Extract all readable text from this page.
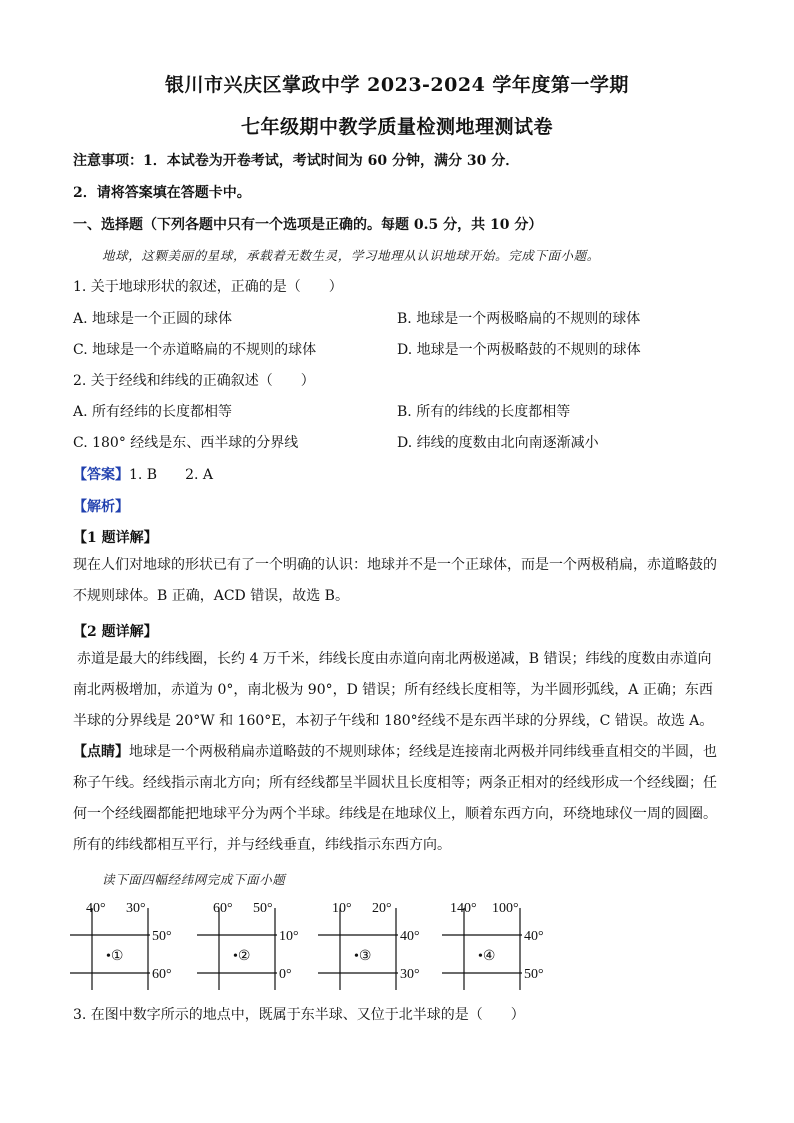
银川市兴庆区掌政中学 2023-2024 学年度第一学期
七年级期中教学质量检测地理测试卷
注意事项：1．本试卷为开卷考试，考试时间为 60 分钟，满分 30 分．
2．请将答案填在答题卡中。
一、选择题（下列各题中只有一个选项是正确的。每题 0.5 分，共 10 分）
地球，这颗美丽的星球，承载着无数生灵，学习地理从认识地球开始。完成下面小题。
1. 关于地球形状的叙述，正确的是（　　）
A. 地球是一个正圆的球体	B. 地球是一个两极略扁的不规则的球体
C. 地球是一个赤道略扁的不规则的球体	D. 地球是一个两极略鼓的不规则的球体
2. 关于经线和纬线的正确叙述（　　）
A. 所有经纬的长度都相等	B. 所有的纬线的长度都相等
C. 180° 经线是东、西半球的分界线	D. 纬线的度数由北向南逐渐减小
【答案】1. B　　2. A
【解析】
【1 题详解】
现在人们对地球的形状已有了一个明确的认识：地球并不是一个正球体，而是一个两极稍扁，赤道略鼓的不规则球体。B 正确，ACD 错误，故选 B。
【2 题详解】
赤道是最大的纬线圈，长约 4 万千米，纬线长度由赤道向南北两极递减，B 错误；纬线的度数由赤道向南北两极增加，赤道为 0°，南北极为 90°，D 错误；所有经线长度相等，为半圆形弧线，A 正确；东西半球的分界线是 20°W 和 160°E，本初子午线和 180°经线不是东西半球的分界线，C 错误。故选 A。
【点睛】地球是一个两极稍扁赤道略鼓的不规则球体；经线是连接南北两极并同纬线垂直相交的半圆，也称子午线。经线指示南北方向；所有经线都呈半圆状且长度相等；两条正相对的经线形成一个经线圈；任何一个经线圈都能把地球平分为两个半球。纬线是在地球仪上，顺着东西方向，环绕地球仪一周的圆圈。所有的纬线都相互平行，并与经线垂直，纬线指示东西方向。
读下面四幅经纬网完成下面小题
40° 30°
50°
60°
•①
60° 50°
10°
0°
•②
10° 20°
40°
30°
•③
140° 100°
40°
50°
•④
3. 在图中数字所示的地点中，既属于东半球、又位于北半球的是（　　）
